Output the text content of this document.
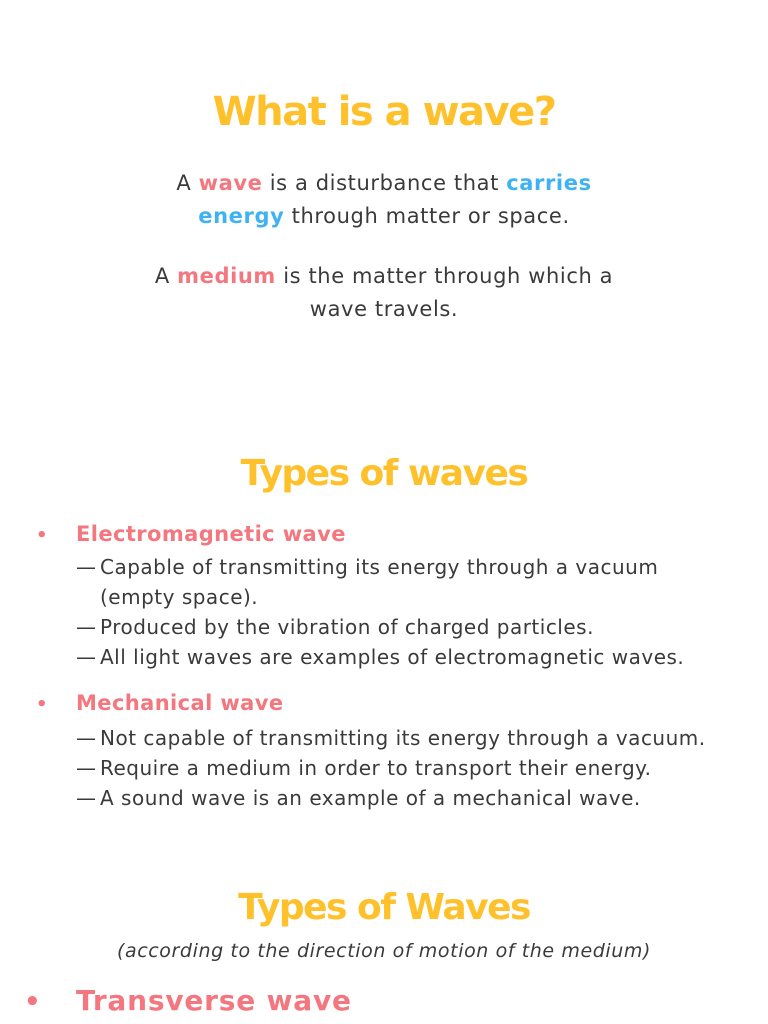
What is a wave?

A wave is a disturbance that carries
energy through matter or space.

A medium is the matter through which a
wave travels.

Types of waves
• Electromagnetic wave
— Capable of transmitting its energy through a vacuum (empty space).
— Produced by the vibration of charged particles.
— All light waves are examples of electromagnetic waves.
• Mechanical wave
— Not capable of transmitting its energy through a vacuum.
— Require a medium in order to transport their energy.
— A sound wave is an example of a mechanical wave.
Types of Waves

(according to the direction of motion of the medium)

• Transverse wave
